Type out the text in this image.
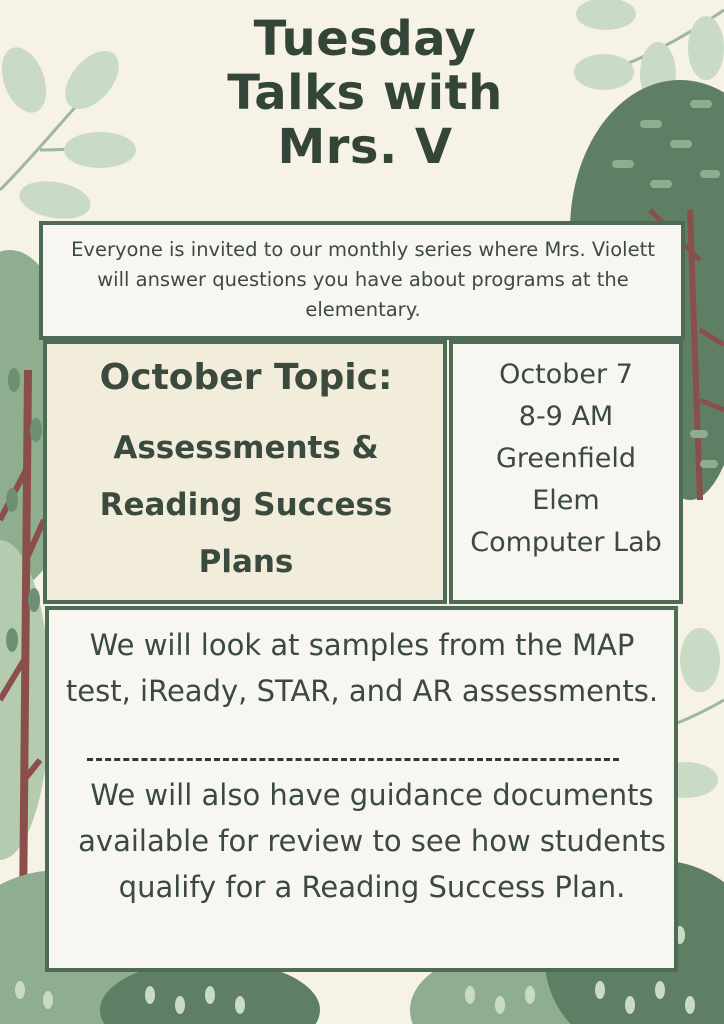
Tuesday
Talks with
Mrs. V
Everyone is invited to our monthly series where Mrs. Violett will answer questions you have about programs at the elementary.
October Topic:
Assessments &
Reading Success
Plans
October 7
8-9 AM
Greenfield
Elem
Computer Lab
We will look at samples from the MAP test, iReady, STAR, and AR assessments.
We will also have guidance documents available for review to see how students qualify for a Reading Success Plan.
